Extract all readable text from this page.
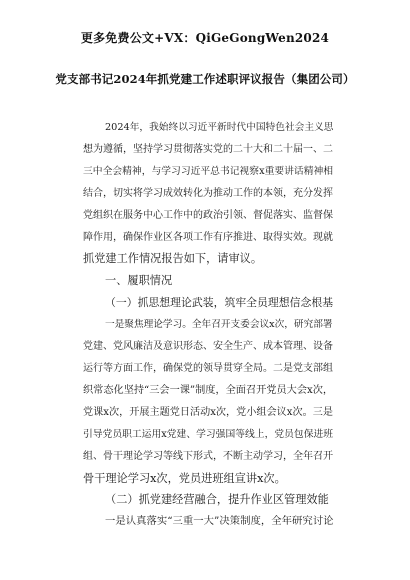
更多免费公文+VX：QiGeGongWen2024
党支部书记2024年抓党建工作述职评议报告（集团公司）

2024年，我始终以习近平新时代中国特色社会主义思
想为遵循，坚持学习贯彻落实党的二十大和二十届一、二
三中全会精神，与学习习近平总书记视察x重要讲话精神相
结合，切实将学习成效转化为推动工作的本领，充分发挥
党组织在服务中心工作中的政治引领、督促落实、监督保
障作用，确保作业区各项工作有序推进、取得实效。现就
抓党建工作情况报告如下，请审议。

一、履职情况

（一）抓思想理论武装，筑牢全员理想信念根基

一是聚焦理论学习。全年召开支委会议x次，研究部署
党建、党风廉洁及意识形态、安全生产、成本管理、设备
运行等方面工作，确保党的领导贯穿全局。二是党支部组
织常态化坚持“三会一课”制度，全面召开党员大会x次，
党课x次，开展主题党日活动x次，党小组会议x次。三是
引导党员职工运用x党建、学习强国等线上，党员包保进班
组、骨干理论学习等线下形式，不断主动学习，全年召开
骨干理论学习x次，党员进班组宣讲x次。

（二）抓党建经营融合，提升作业区管理效能

一是认真落实“三重一大”决策制度，全年研究讨论
